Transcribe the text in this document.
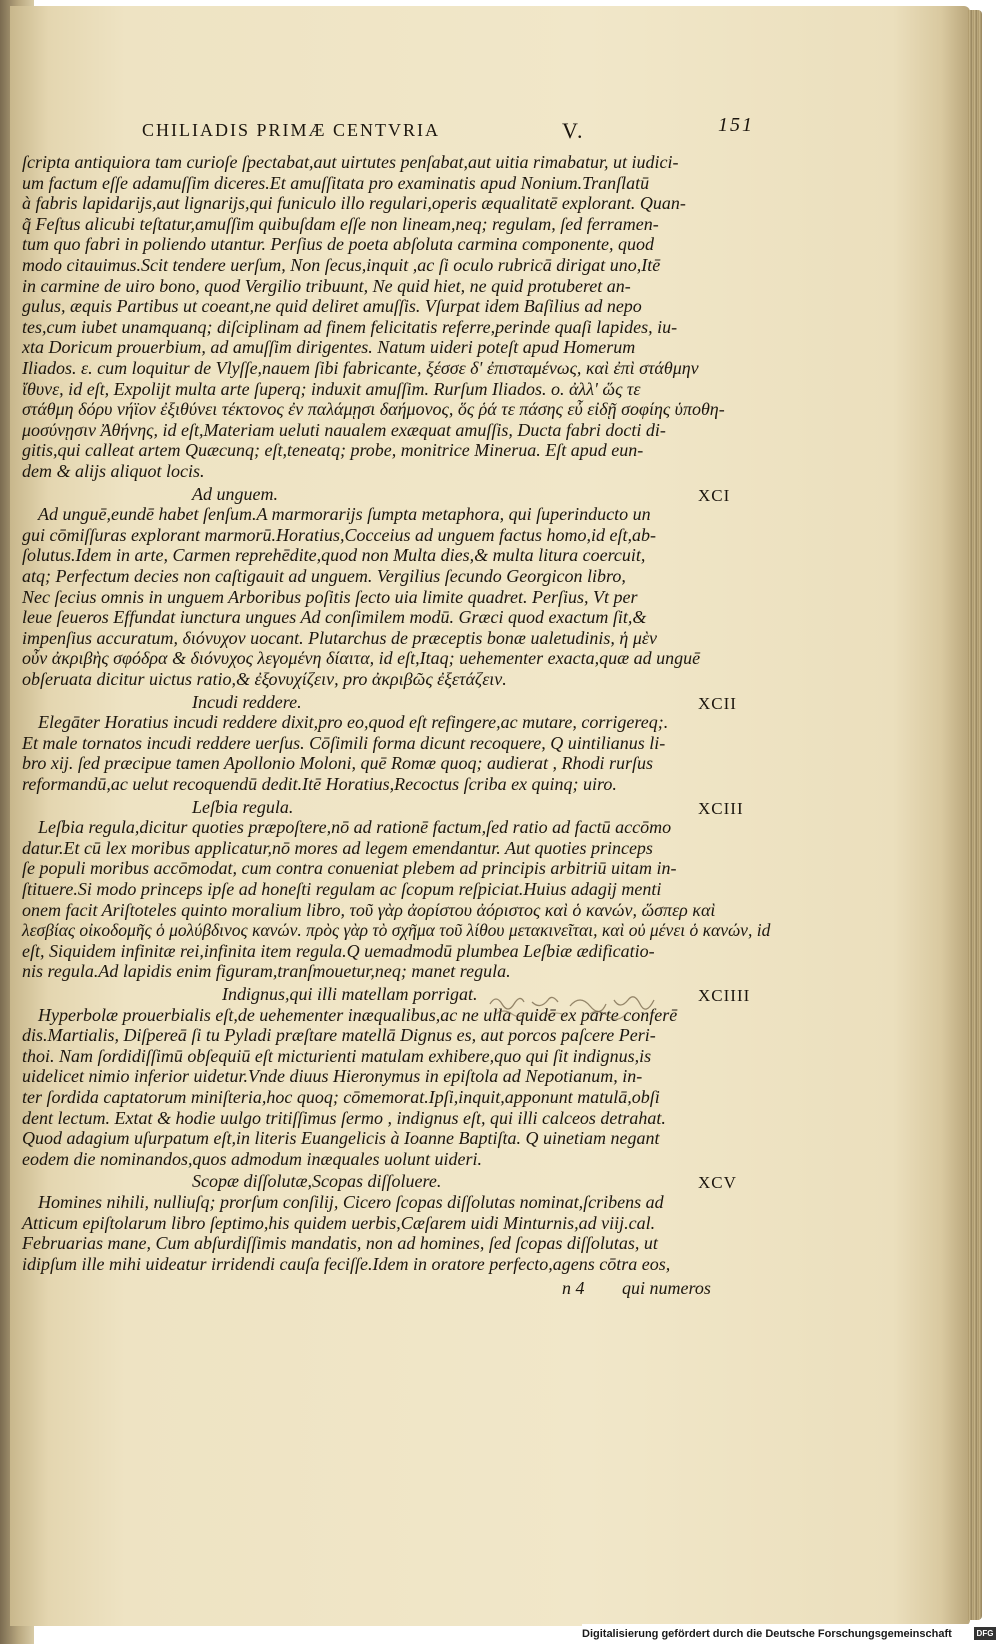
CHILIADIS PRIMÆ CENTVRIA	V.	151
ſcripta antiquiora tam curioſe ſpectabat,aut uirtutes penſabat,aut uitia rimabatur, ut iudici-
um factum eſſe adamuſſim diceres.Et amuſſitata pro examinatis apud Nonium.Tranſlatū
à fabris lapidarijs,aut lignarijs,qui funiculo illo regulari,operis æqualitatē explorant. Quan-
q̃ Feſtus alicubi teſtatur,amuſſim quibuſdam eſſe non lineam,neq; regulam, ſed ferramen-
tum quo fabri in poliendo utantur. Perſius de poeta abſoluta carmina componente, quod
modo citauimus.Scit tendere uerſum, Non ſecus,inquit ,ac ſi oculo rubricā dirigat uno,Itē
in carmine de uiro bono, quod Vergilio tribuunt, Ne quid hiet, ne quid protuberet an-
gulus, æquis Partibus ut coeant,ne quid deliret amuſſis. Vſurpat idem Baſilius ad nepo
tes,cum iubet unamquanq; diſciplinam ad finem felicitatis referre,perinde quaſi lapides, iu-
xta Doricum prouerbium, ad amuſſim dirigentes. Natum uideri poteſt apud Homerum
Iliados. ε. cum loquitur de Vlyſſe,nauem ſibi fabricante, ξέσσε δ' ἐπισταμένως, καὶ ἐπὶ στάθμην
ἴθυνε, id eſt, Expolijt multa arte ſuperq; induxit amuſſim. Rurſum Iliados. ο. ἀλλ' ὥς τε
στάθμη δόρυ νήϊον ἐξιθύνει τέκτονος ἐν παλάμῃσι δαήμονος, ὅς ῥά τε πάσης εὖ εἰδῇ σοφίης ὑποθη-
μοσύνῃσιν Ἀθήνης, id eſt,Materiam ueluti naualem exæquat amuſſis, Ducta fabri docti di-
gitis,qui calleat artem Quæcunq; eſt,teneatq; probe, monitrice Minerua. Eſt apud eun-
dem & alijs aliquot locis.
Ad unguem.	XCI
Ad unguē,eundē habet ſenſum.A marmorarijs ſumpta metaphora, qui ſuperinducto un
gui cōmiſſuras explorant marmorū.Horatius,Cocceius ad unguem factus homo,id eſt,ab-
ſolutus.Idem in arte, Carmen reprehēdite,quod non Multa dies,& multa litura coercuit,
atq; Perfectum decies non caſtigauit ad unguem. Vergilius ſecundo Georgicon libro,
Nec ſecius omnis in unguem Arboribus poſitis ſecto uia limite quadret. Perſius, Vt per
leue ſeueros Effundat iunctura ungues Ad conſimilem modū. Græci quod exactum ſit,&
impenſius accuratum, διόνυχον uocant. Plutarchus de præceptis bonæ ualetudinis, ἡ μὲν
οὖν ἀκριβὴς σφόδρα & διόνυχος λεγομένη δίαιτα, id eſt,Itaq; uehementer exacta,quæ ad unguē
obſeruata dicitur uictus ratio,& ἐξονυχίζειν, pro ἀκριβῶς ἐξετάζειν.
Incudi reddere.	XCII
Elegāter Horatius incudi reddere dixit,pro eo,quod eſt refingere,ac mutare, corrigereq;.
Et male tornatos incudi reddere uerſus. Cōſimili forma dicunt recoquere, Q uintilianus li-
bro xij. ſed præcipue tamen Apollonio Moloni, quē Romæ quoq; audierat , Rhodi rurſus
reformandū,ac uelut recoquendū dedit.Itē Horatius,Recoctus ſcriba ex quinq; uiro.
Leſbia regula.	XCIII
Leſbia regula,dicitur quoties præpoſtere,nō ad rationē factum,ſed ratio ad factū accōmo
datur.Et cū lex moribus applicatur,nō mores ad legem emendantur. Aut quoties princeps
ſe populi moribus accōmodat, cum contra conueniat plebem ad principis arbitriū uitam in-
ſtituere.Si modo princeps ipſe ad honeſti regulam ac ſcopum reſpiciat.Huius adagij menti
onem facit Ariſtoteles quinto moralium libro, τοῦ γὰρ ἀορίστου ἀόριστος καὶ ὁ κανών, ὥσπερ καὶ
λεσβίας οἰκοδομῆς ὁ μολύβδινος κανών. πρὸς γὰρ τὸ σχῆμα τοῦ λίθου μετακινεῖται, καὶ οὐ μένει ὁ κανών, id
eſt, Siquidem infinitæ rei,infinita item regula.Q uemadmodū plumbea Leſbiæ ædificatio-
nis regula.Ad lapidis enim figuram,tranſmouetur,neq; manet regula.
Indignus,qui illi matellam porrigat.	XCIIII
Hyperbolæ prouerbialis eſt,de uehementer inæqualibus,ac ne ulla quidē ex parte conferē
dis.Martialis, Diſpereā ſi tu Pyladi præſtare matellā Dignus es, aut porcos paſcere Peri-
thoi. Nam ſordidiſſimū obſequiū eſt micturienti matulam exhibere,quo qui ſit indignus,is
uidelicet nimio inferior uidetur.Vnde diuus Hieronymus in epiſtola ad Nepotianum, in-
ter ſordida captatorum miniſteria,hoc quoq; cōmemorat.Ipſi,inquit,apponunt matulā,obſi
dent lectum. Extat & hodie uulgo tritiſſimus ſermo , indignus eſt, qui illi calceos detrahat.
Quod adagium uſurpatum eſt,in literis Euangelicis à Ioanne Baptiſta. Q uinetiam negant
eodem die nominandos,quos admodum inæquales uolunt uideri.
Scopæ diſſolutæ,Scopas diſſoluere.	XCV
Homines nihili, nulliuſq; prorſum conſilij, Cicero ſcopas diſſolutas nominat,ſcribens ad
Atticum epiſtolarum libro ſeptimo,his quidem uerbis,Cæſarem uidi Minturnis,ad viij.cal.
Februarias mane, Cum abſurdiſſimis mandatis, non ad homines, ſed ſcopas diſſolutas, ut
idipſum ille mihi uideatur irridendi cauſa feciſſe.Idem in oratore perfecto,agens cōtra eos,
n 4 qui numeros
Digitalisierung gefördert durch die Deutsche Forschungsgemeinschaft	DFG
